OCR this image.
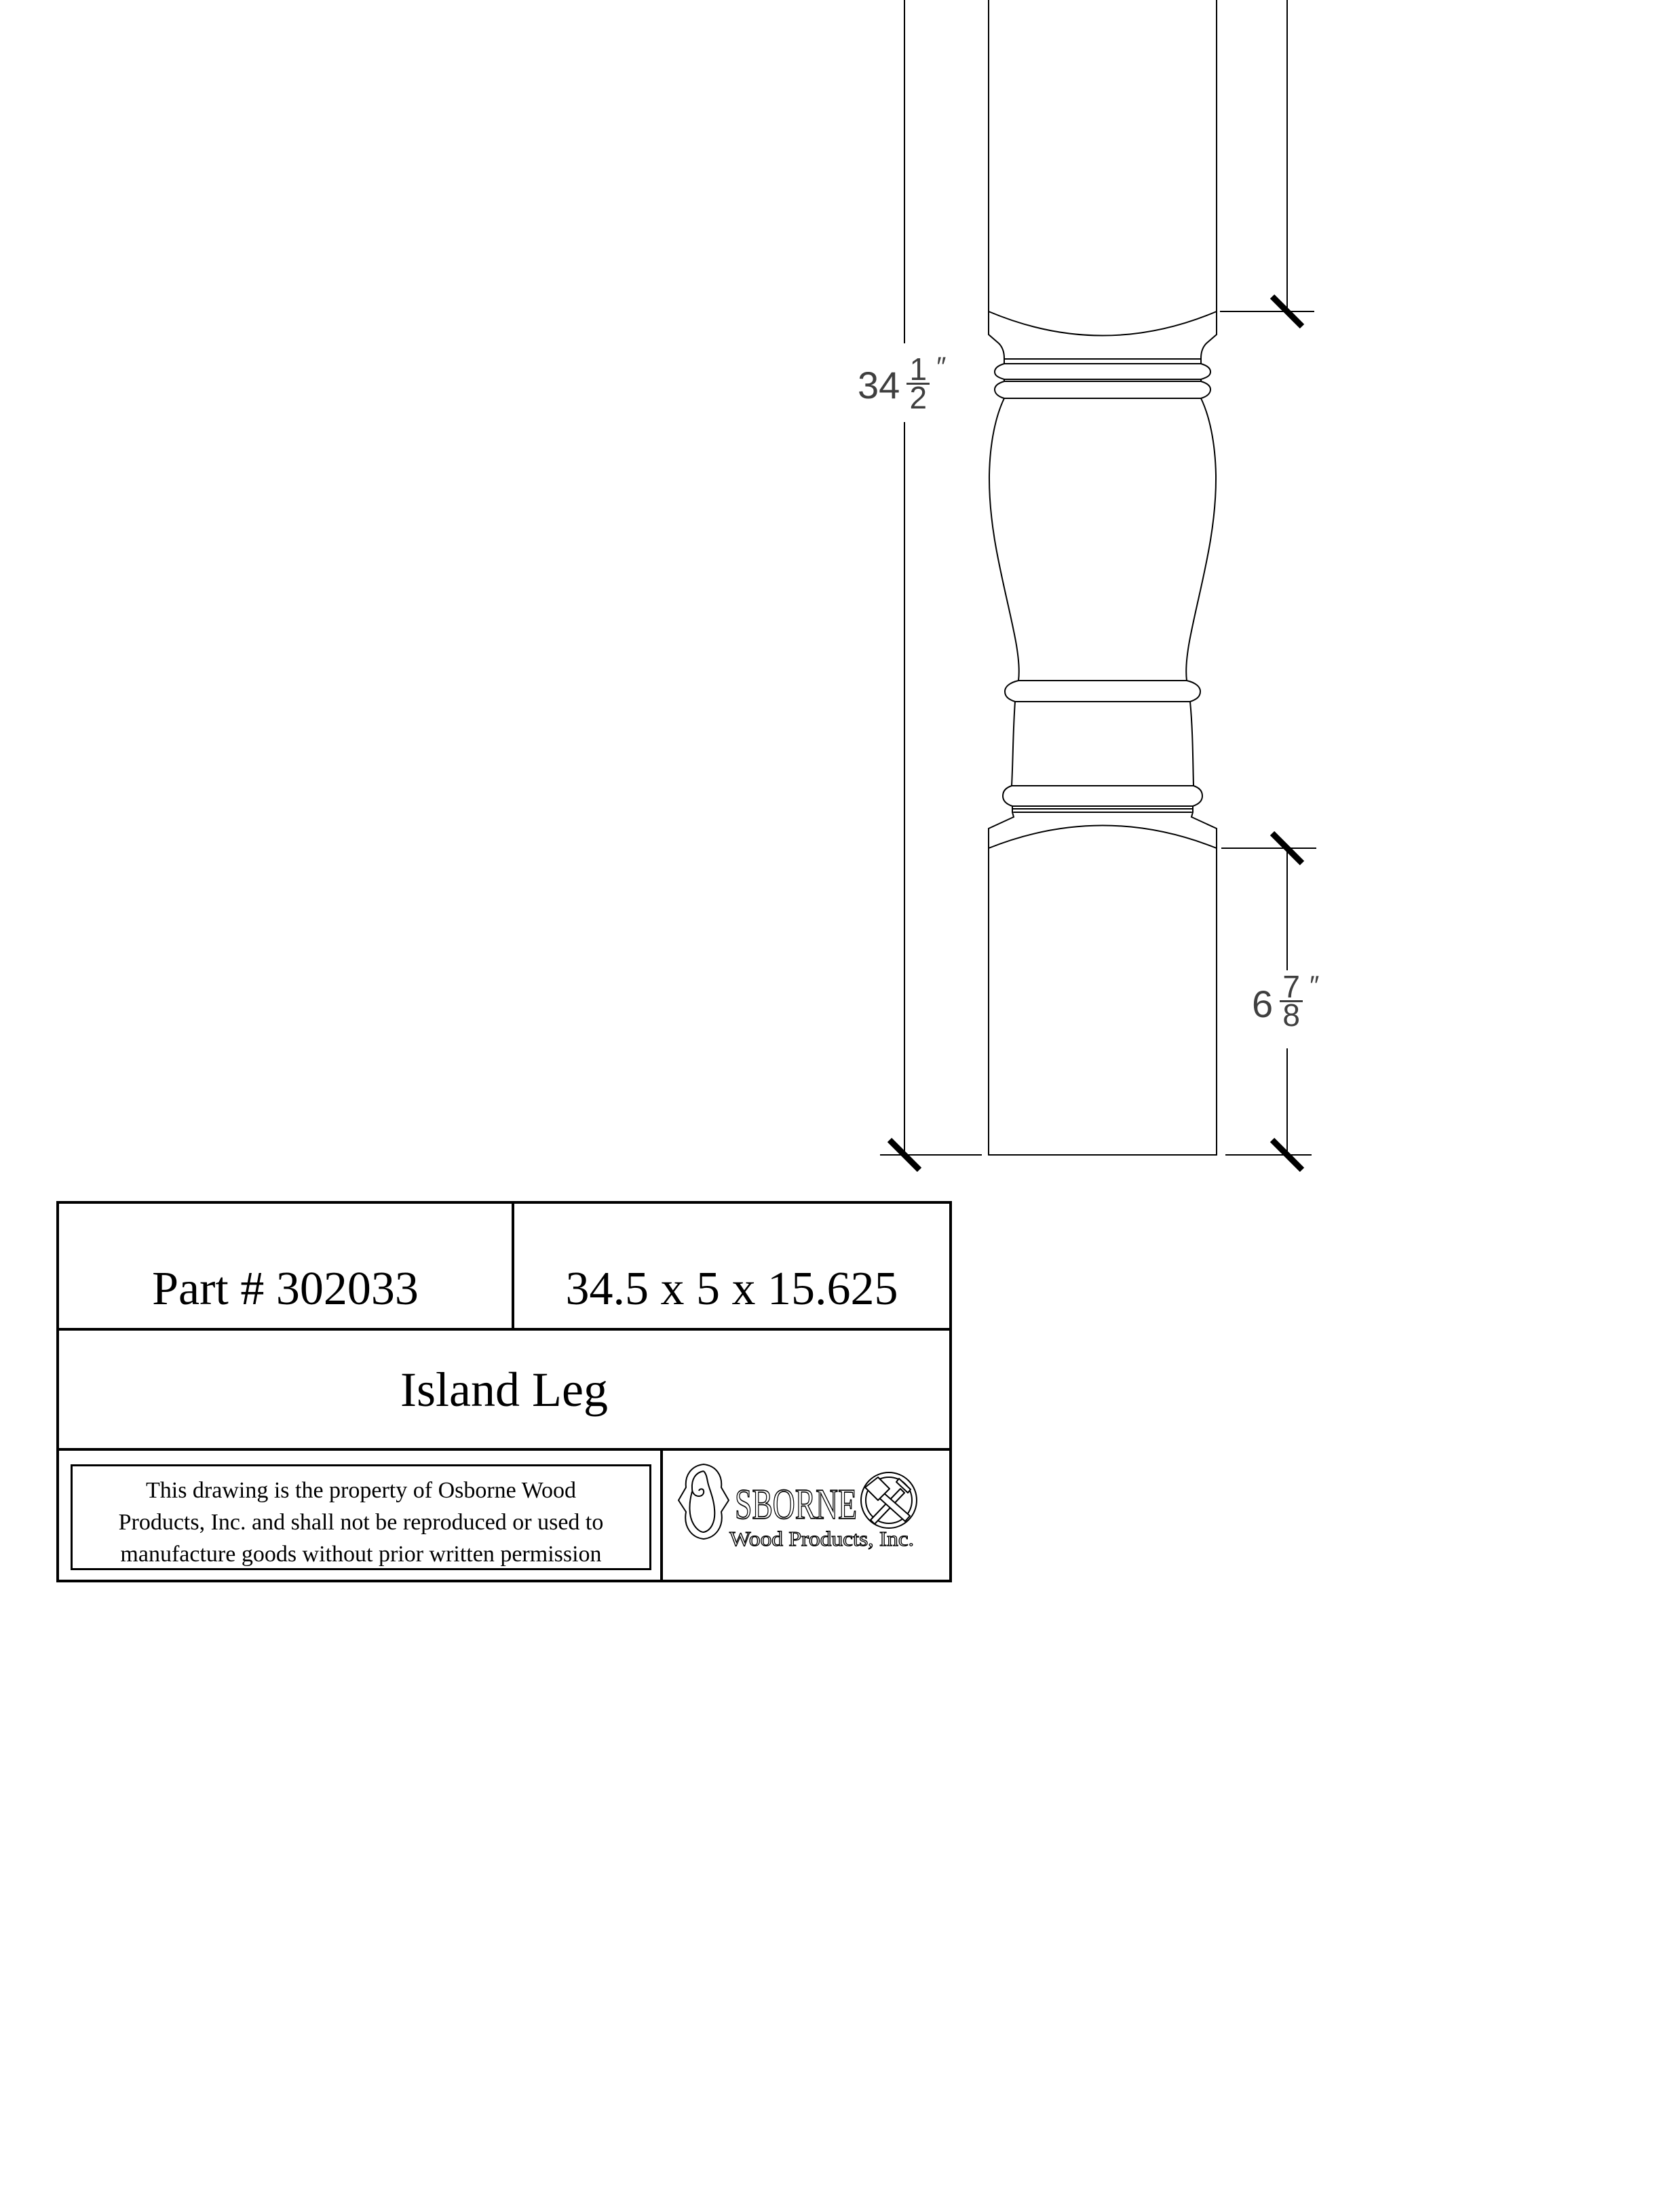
$34 \frac{1}{2}$ ″
$6 \frac{7}{8}$ ″
Part # 302033	34.5 x 5 x 15.625
Island Leg
This drawing is the property of Osborne Wood
Products, Inc. and shall not be reproduced or used to
manufacture goods without prior written permission
SBORNE
Wood Products, Inc.
